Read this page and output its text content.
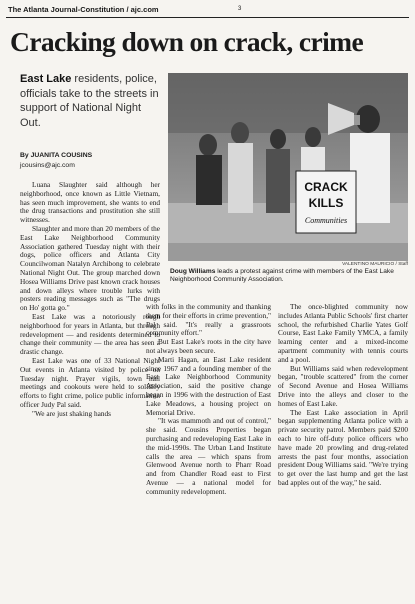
The Atlanta Journal-Constitution / ajc.com	3
Cracking down on crack, crime
East Lake residents, police, officials take to the streets in support of National Night Out.
By JUANITA COUSINS
jcousins@ajc.com
CRACK
KILLS
Communities
VALENTINO MAURICIO / Staff
Doug Williams leads a protest against crime with members of the East Lake Neighborhood Community Association.

Luana Slaughter said although her neighborhood, once known as Little Vietnam, has seen much improvement, she wants to end the drug transactions and prostitution she still witnesses.

Slaughter and more than 20 members of the East Lake Neighborhood Community Association gathered Tuesday night with their dogs, police officers and Atlanta City Councilwoman Natalyn Archibong to celebrate National Night Out. The group marched down Hosea Williams Drive past known crack houses and down alleys where trouble lurks with posters reading messages such as "The drugs on Ho' gotta go."

East Lake was a notoriously rough neighborhood for years in Atlanta, but through redevelopment — and residents determined to change their community — the area has seen a drastic change.

East Lake was one of 33 National Night Out events in Atlanta visited by police on Tuesday night. Prayer vigils, town hall meetings and cookouts were held to solidify efforts to fight crime, police public information officer Judy Pal said.

"We are just shaking hands

with folks in the community and thanking them for their efforts in crime prevention," Pal said. "It's really a grassroots community effort."

But East Lake's roots in the city have not always been secure.

Marti Hagan, an East Lake resident since 1967 and a founding member of the East Lake Neighborhood Community Association, said the positive change began in 1996 with the destruction of East Lake Meadows, a housing project on Memorial Drive.

"It was mammoth and out of control," she said. Cousins Properties began purchasing and redeveloping East Lake in the mid-1990s. The Urban Land Institute calls the area — which spans from Glenwood Avenue north to Pharr Road and from Chandler Road east to First Avenue — a national model for community redevelopment.

The once-blighted community now includes Atlanta Public Schools' first charter school, the refurbished Charlie Yates Golf Course, East Lake Family YMCA, a family learning center and a mixed-income apartment community with tennis courts and a pool.

But Williams said when redevelopment began, "trouble scattered" from the corner of Second Avenue and Hosea Williams Drive into the alleys and closer to the homes of East Lake.

The East Lake association in April began supplementing Atlanta police with a private security patrol. Members paid $200 each to hire off-duty police officers who have made 20 prowling and drug-related arrests the past four months, association president Doug Williams said. "We're trying to get over the last hump and get the last bad apples out of the way," he said.
